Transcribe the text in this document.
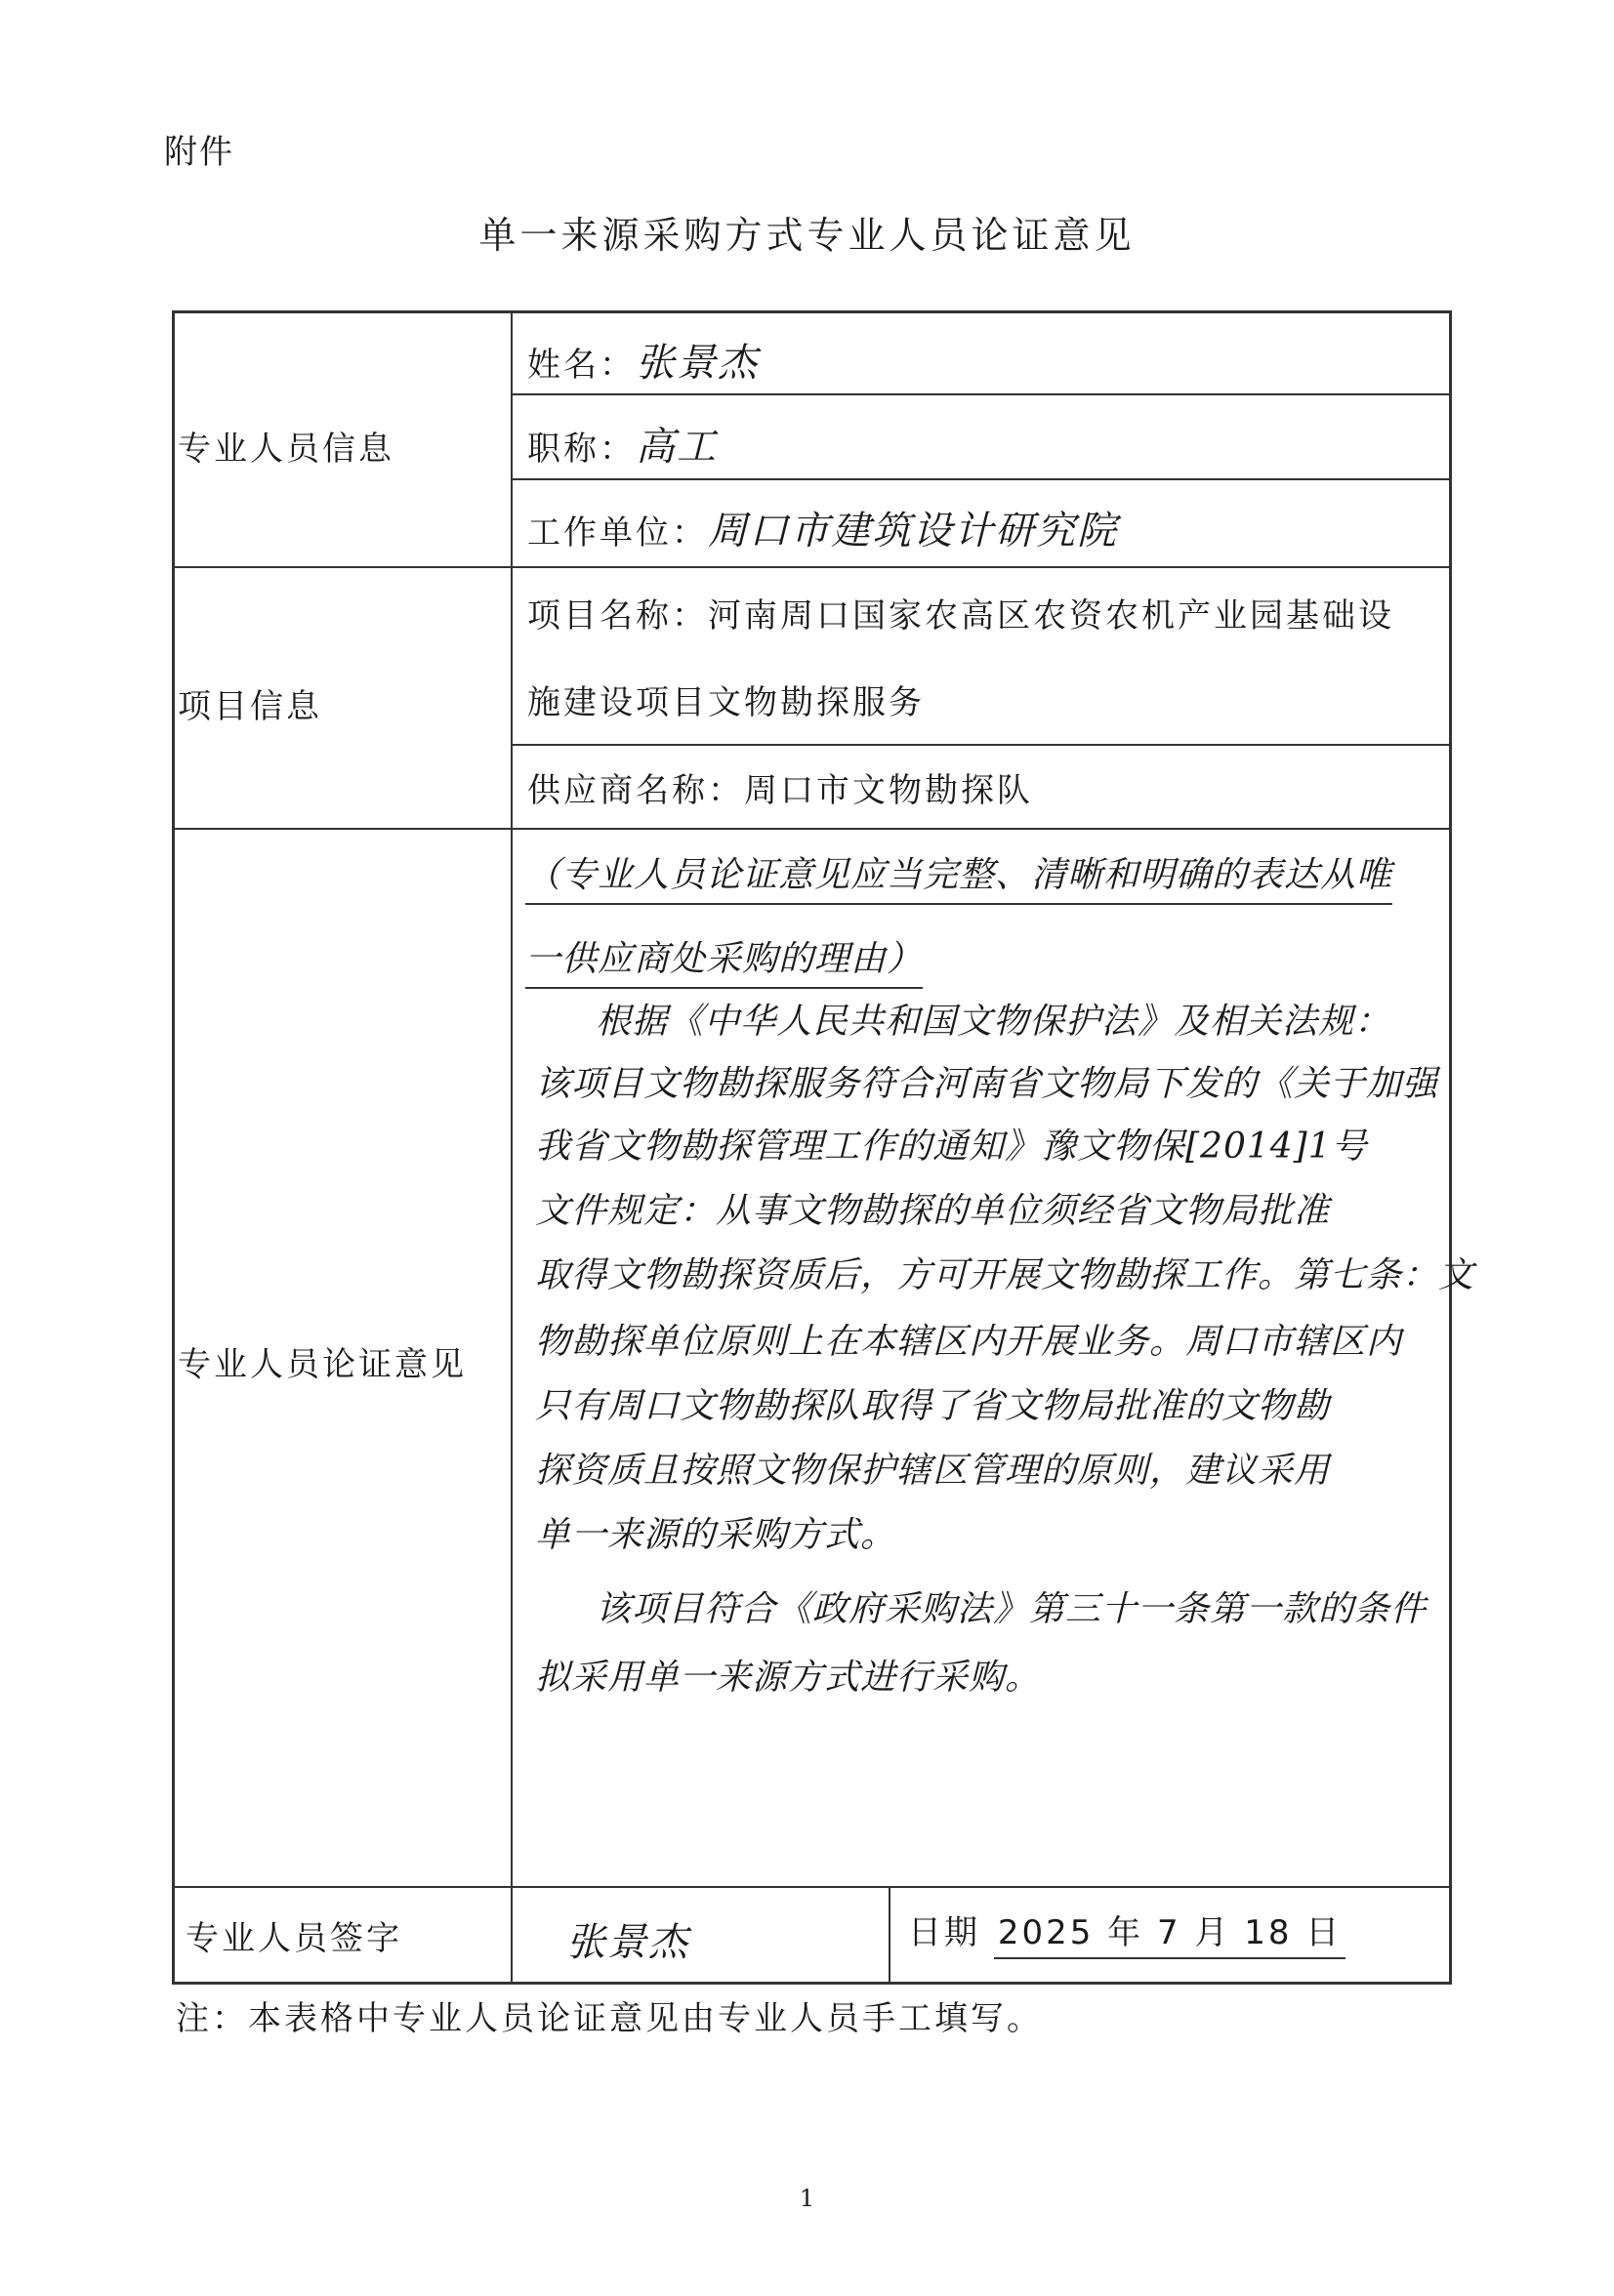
附件
单一来源采购方式专业人员论证意见
专业人员信息
姓名：张景杰
职称：高工
工作单位：周口市建筑设计研究院
项目信息
项目名称：河南周口国家农高区农资农机产业园基础设
施建设项目文物勘探服务
供应商名称：周口市文物勘探队
专业人员论证意见
（专业人员论证意见应当完整、清晰和明确的表达从唯
一供应商处采购的理由）
根据《中华人民共和国文物保护法》及相关法规：
该项目文物勘探服务符合河南省文物局下发的《关于加强
我省文物勘探管理工作的通知》豫文物保[2014]1号
文件规定：从事文物勘探的单位须经省文物局批准
取得文物勘探资质后，方可开展文物勘探工作。第七条：文
物勘探单位原则上在本辖区内开展业务。周口市辖区内
只有周口文物勘探队取得了省文物局批准的文物勘
探资质且按照文物保护辖区管理的原则，建议采用
单一来源的采购方式。
该项目符合《政府采购法》第三十一条第一款的条件
拟采用单一来源方式进行采购。
专业人员签字	张景杰	日期 2025 年 7 月 18 日
注：本表格中专业人员论证意见由专业人员手工填写。
1
